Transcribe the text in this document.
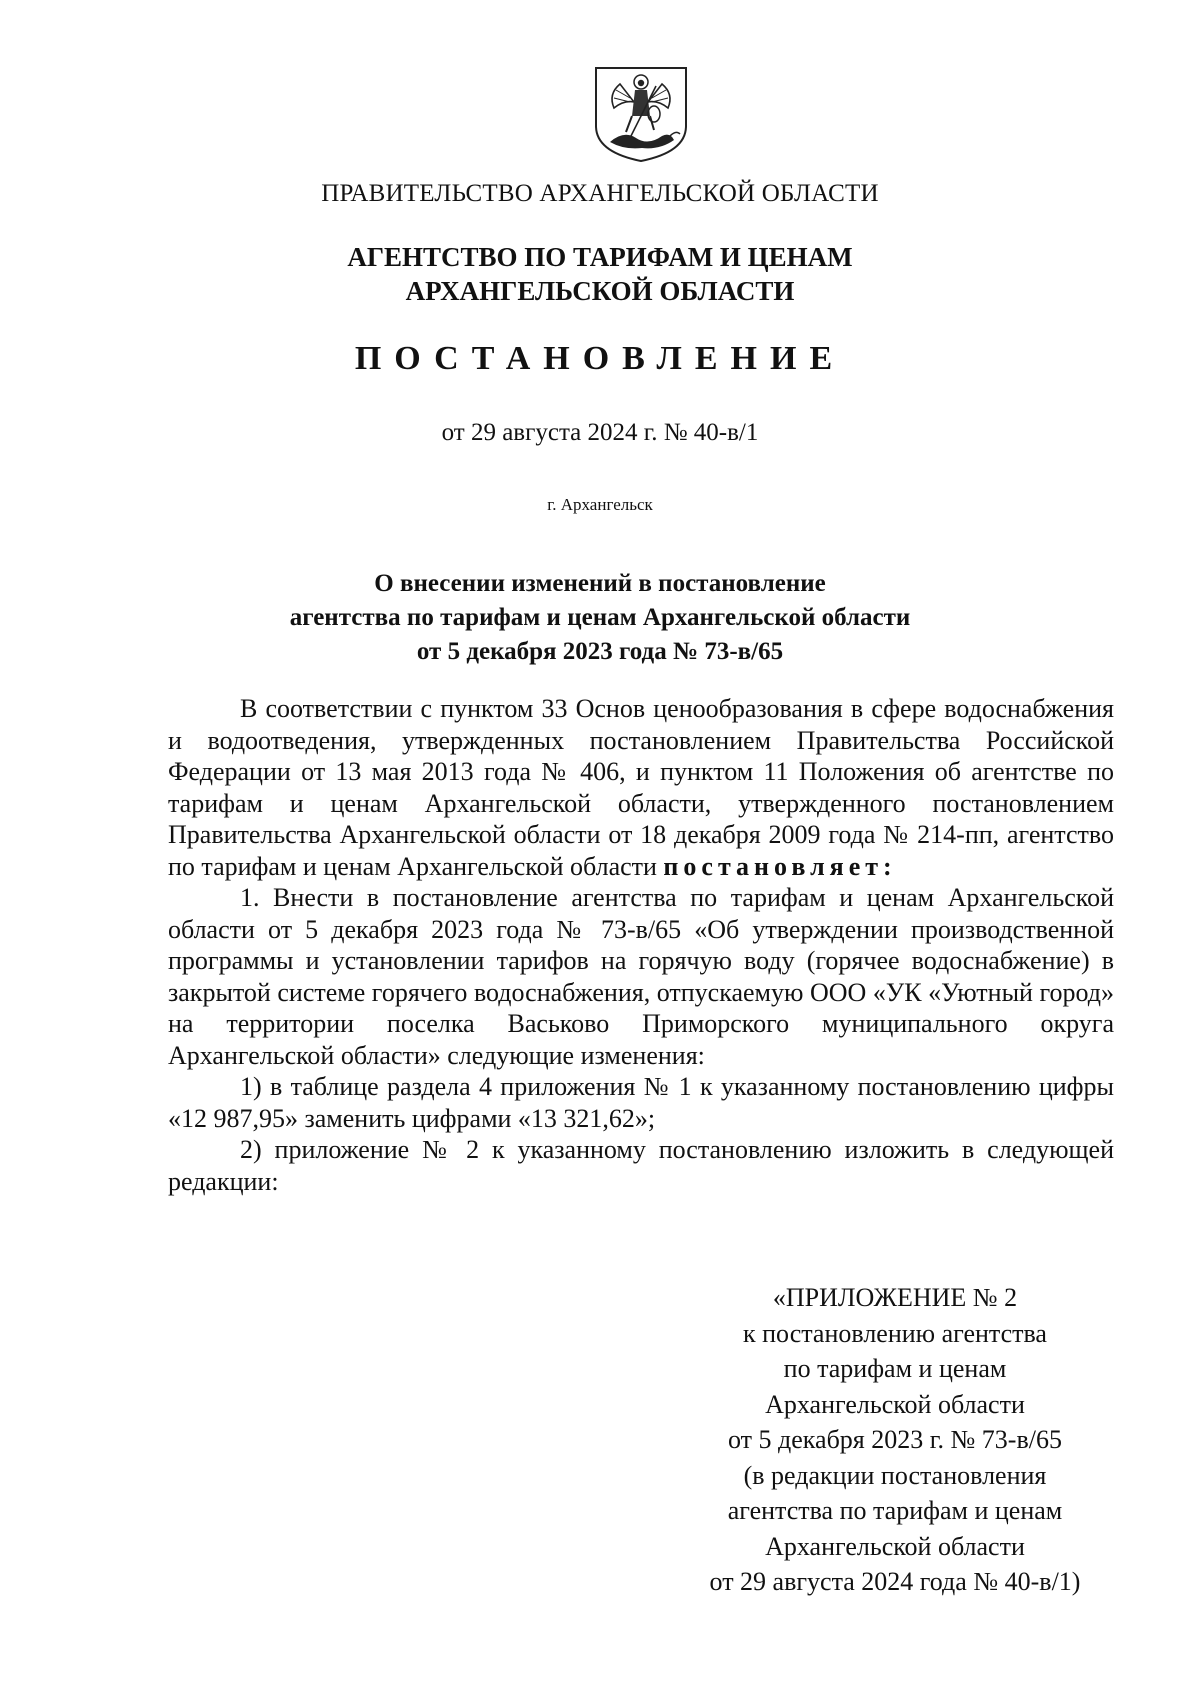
ПРАВИТЕЛЬСТВО АРХАНГЕЛЬСКОЙ ОБЛАСТИ
АГЕНТСТВО ПО ТАРИФАМ И ЦЕНАМ
АРХАНГЕЛЬСКОЙ ОБЛАСТИ
ПОСТАНОВЛЕНИЕ
от 29 августа 2024 г. № 40-в/1
г. Архангельск
О внесении изменений в постановление
агентства по тарифам и ценам Архангельской области
от 5 декабря 2023 года № 73-в/65

В соответствии с пунктом 33 Основ ценообразования в сфере водоснабжения и водоотведения, утвержденных постановлением Правительства Российской Федерации от 13 мая 2013 года № 406, и пунктом 11 Положения об агентстве по тарифам и ценам Архангельской области, утвержденного постановлением Правительства Архангельской области от 18 декабря 2009 года № 214-пп, агентство по тарифам и ценам Архангельской области постановляет:

1. Внести в постановление агентства по тарифам и ценам Архангельской области от 5 декабря 2023 года № 73-в/65 «Об утверждении производственной программы и установлении тарифов на горячую воду (горячее водоснабжение) в закрытой системе горячего водоснабжения, отпускаемую ООО «УК «Уютный город» на территории поселка Васьково Приморского муниципального округа Архангельской области» следующие изменения:

1) в таблице раздела 4 приложения № 1 к указанному постановлению цифры «12 987,95» заменить цифрами «13 321,62»;

2) приложение № 2 к указанному постановлению изложить в следующей редакции:

«ПРИЛОЖЕНИЕ № 2
к постановлению агентства
по тарифам и ценам
Архангельской области
от 5 декабря 2023 г. № 73-в/65
(в редакции постановления
агентства по тарифам и ценам
Архангельской области
от 29 августа 2024 года № 40-в/1)
